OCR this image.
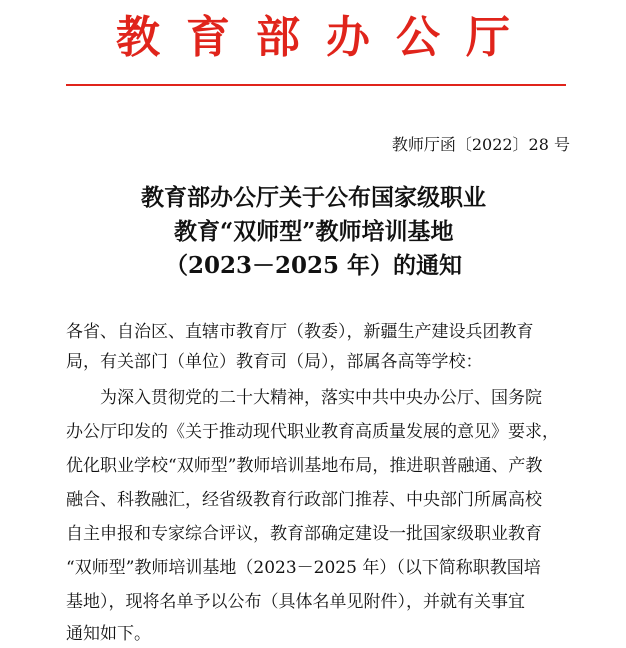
教育部办公厅
教师厅函〔2022〕28 号
教育部办公厅关于公布国家级职业
教育“双师型”教师培训基地
（2023－2025 年）的通知
各省、自治区、直辖市教育厅（教委），新疆生产建设兵团教育
局，有关部门（单位）教育司（局），部属各高等学校：
　　为深入贯彻党的二十大精神，落实中共中央办公厅、国务院
办公厅印发的《关于推动现代职业教育高质量发展的意见》要求，
优化职业学校“双师型”教师培训基地布局，推进职普融通、产教
融合、科教融汇，经省级教育行政部门推荐、中央部门所属高校
自主申报和专家综合评议，教育部确定建设一批国家级职业教育
“双师型”教师培训基地（2023－2025 年）（以下简称职教国培
基地），现将名单予以公布（具体名单见附件），并就有关事宜
通知如下。
